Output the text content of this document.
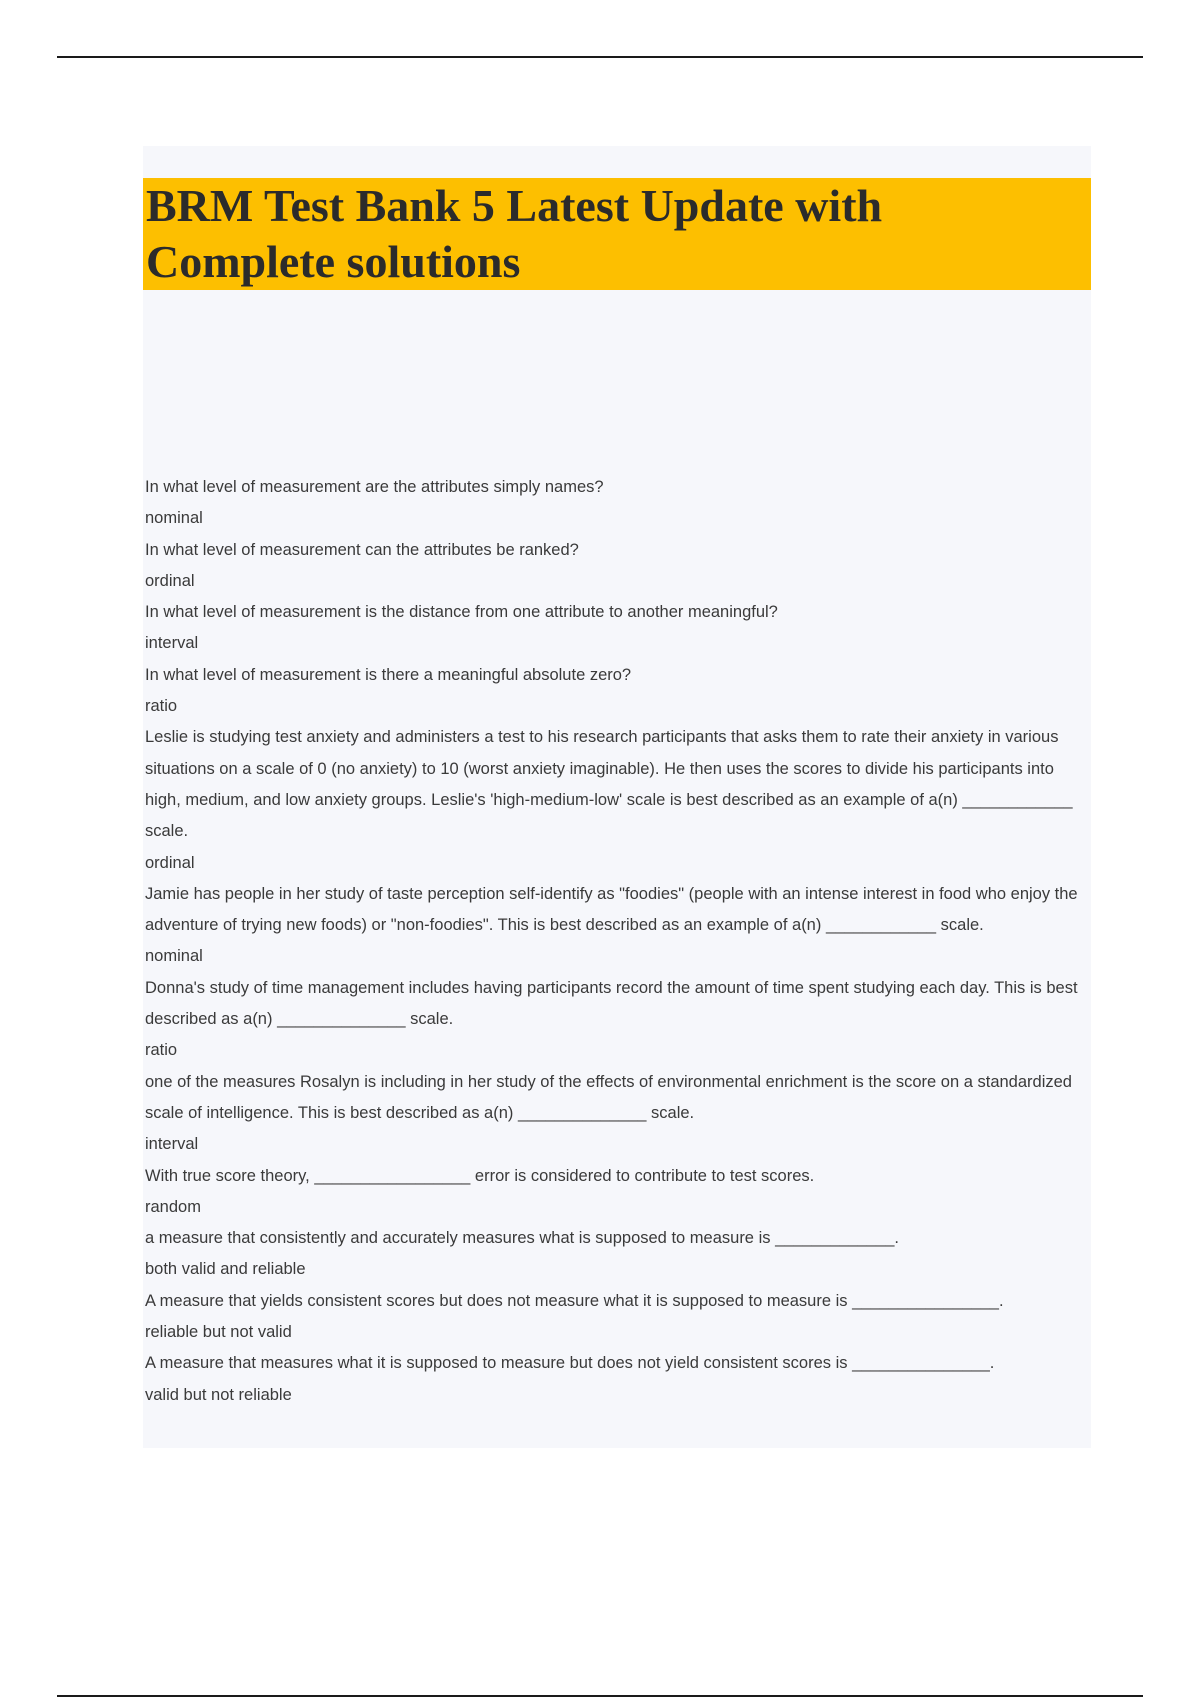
BRM Test Bank 5 Latest Update with
Complete solutions

In what level of measurement are the attributes simply names?

nominal

In what level of measurement can the attributes be ranked?

ordinal

In what level of measurement is the distance from one attribute to another meaningful?

interval

In what level of measurement is there a meaningful absolute zero?

ratio

Leslie is studying test anxiety and administers a test to his research participants that asks them to rate their anxiety in various situations on a scale of 0 (no anxiety) to 10 (worst anxiety imaginable). He then uses the scores to divide his participants into high, medium, and low anxiety groups. Leslie's 'high-medium-low' scale is best described as an example of a(n) ____________ scale.

ordinal

Jamie has people in her study of taste perception self-identify as "foodies" (people with an intense interest in food who enjoy the adventure of trying new foods) or "non-foodies". This is best described as an example of a(n) ____________ scale.

nominal

Donna's study of time management includes having participants record the amount of time spent studying each day. This is best described as a(n) ______________ scale.

ratio

one of the measures Rosalyn is including in her study of the effects of environmental enrichment is the score on a standardized scale of intelligence. This is best described as a(n) ______________ scale.

interval

With true score theory, _________________ error is considered to contribute to test scores.

random

a measure that consistently and accurately measures what is supposed to measure is _____________.

both valid and reliable

A measure that yields consistent scores but does not measure what it is supposed to measure is ________________.

reliable but not valid

A measure that measures what it is supposed to measure but does not yield consistent scores is _______________.

valid but not reliable
